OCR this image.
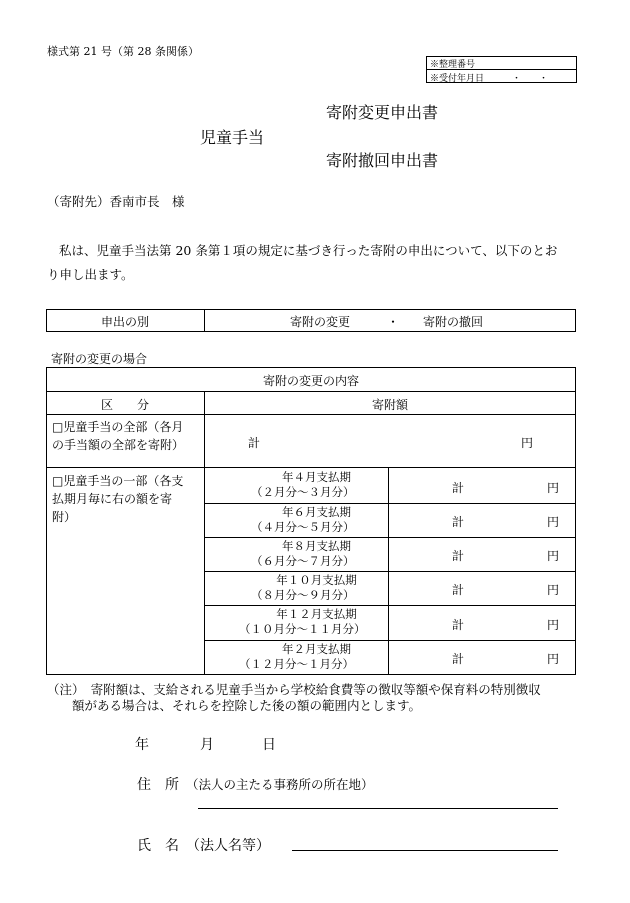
様式第 21 号（第 28 条関係）
※整理番号
※受付年月日	・　　・
寄附変更申出書
児童手当
寄附撤回申出書
（寄附先）香南市長　様
私は、児童手当法第 20 条第１項の規定に基づき行った寄附の申出について、以下のとお
り申し出ます。
申出の別	寄附の変更	・ 寄附の撤回
寄附の変更の場合
寄附の変更の内容
区　　分	寄附額
□児童手当の全部（各月
の手当額の全部を寄附）	計	円
□児童手当の一部（各支
払期月毎に右の額を寄
附）
年４月支払期
（２月分～３月分）	計	円
年６月支払期
（４月分～５月分）	計	円
年８月支払期
（６月分～７月分）	計	円
年１０月支払期
（８月分～９月分）	計	円
年１２月支払期
（１０月分～１１月分）	計	円
年２月支払期
（１２月分～１月分）	計	円
（注）　寄附額は、支給される児童手当から学校給食費等の徴収等額や保育料の特別徴収
額がある場合は、それらを控除した後の額の範囲内とします。
年	月	日
住　所 （法人の主たる事務所の所在地）
氏　名 （法人名等）
